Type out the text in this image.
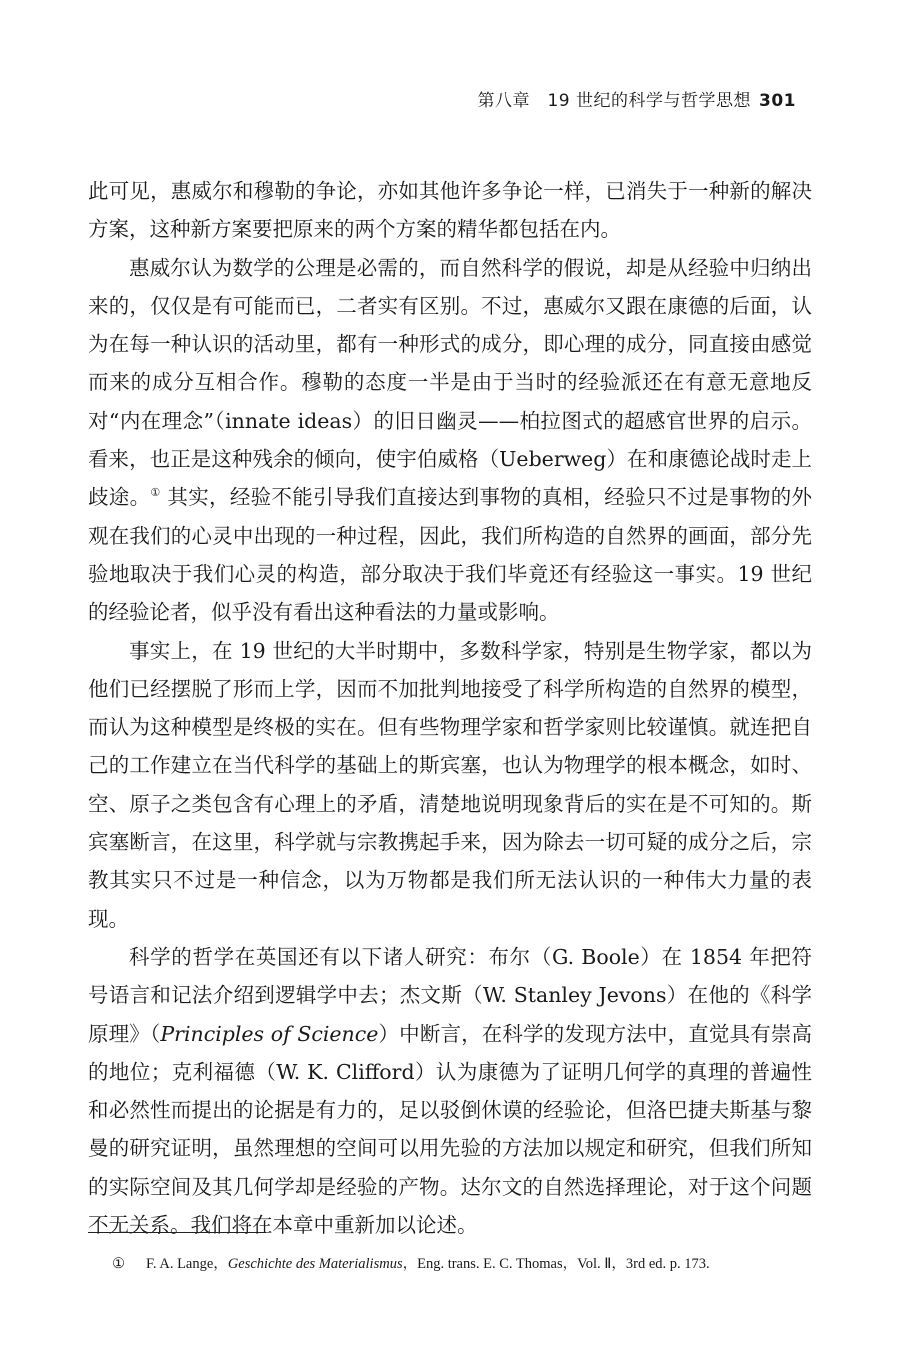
第八章　19 世纪的科学与哲学思想 301

此可见，惠威尔和穆勒的争论，亦如其他许多争论一样，已消失于一种新的解决方案，这种新方案要把原来的两个方案的精华都包括在内。

惠威尔认为数学的公理是必需的，而自然科学的假说，却是从经验中归纳出来的，仅仅是有可能而已，二者实有区别。不过，惠威尔又跟在康德的后面，认为在每一种认识的活动里，都有一种形式的成分，即心理的成分，同直接由感觉而来的成分互相合作。穆勒的态度一半是由于当时的经验派还在有意无意地反对“内在理念”（innate ideas）的旧日幽灵——柏拉图式的超感官世界的启示。看来，也正是这种残余的倾向，使宇伯威格（Ueberweg）在和康德论战时走上歧途。① 其实，经验不能引导我们直接达到事物的真相，经验只不过是事物的外观在我们的心灵中出现的一种过程，因此，我们所构造的自然界的画面，部分先验地取决于我们心灵的构造，部分取决于我们毕竟还有经验这一事实。19 世纪的经验论者，似乎没有看出这种看法的力量或影响。

事实上，在 19 世纪的大半时期中，多数科学家，特别是生物学家，都以为他们已经摆脱了形而上学，因而不加批判地接受了科学所构造的自然界的模型，而认为这种模型是终极的实在。但有些物理学家和哲学家则比较谨慎。就连把自己的工作建立在当代科学的基础上的斯宾塞，也认为物理学的根本概念，如时、空、原子之类包含有心理上的矛盾，清楚地说明现象背后的实在是不可知的。斯宾塞断言，在这里，科学就与宗教携起手来，因为除去一切可疑的成分之后，宗教其实只不过是一种信念，以为万物都是我们所无法认识的一种伟大力量的表现。

科学的哲学在英国还有以下诸人研究：布尔（G. Boole）在 1854 年把符号语言和记法介绍到逻辑学中去；杰文斯（W. Stanley Jevons）在他的《科学原理》（Principles of Science）中断言，在科学的发现方法中，直觉具有崇高的地位；克利福德（W. K. Clifford）认为康德为了证明几何学的真理的普遍性和必然性而提出的论据是有力的，足以驳倒休谟的经验论，但洛巴捷夫斯基与黎曼的研究证明，虽然理想的空间可以用先验的方法加以规定和研究，但我们所知的实际空间及其几何学却是经验的产物。达尔文的自然选择理论，对于这个问题不无关系。我们将在本章中重新加以论述。

① F. A. Lange，Geschichte des Materialismus，Eng. trans. E. C. Thomas，Vol. Ⅱ，3rd ed. p. 173.
